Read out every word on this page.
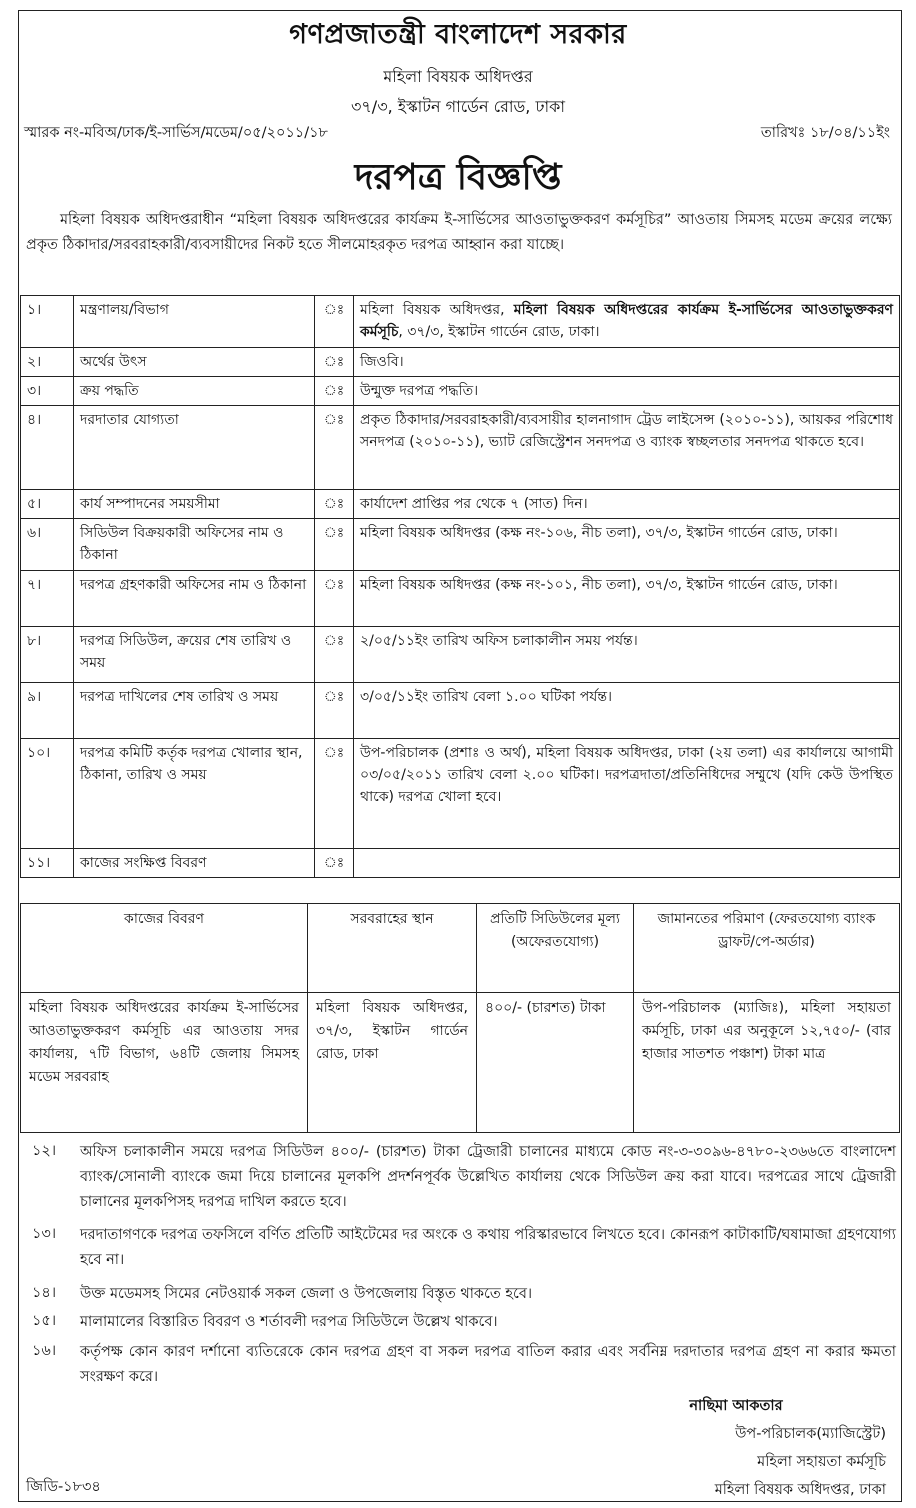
গণপ্রজাতন্ত্রী বাংলাদেশ সরকার
মহিলা বিষয়ক অধিদপ্তর
৩৭/৩, ইস্কাটন গার্ডেন রোড, ঢাকা
স্মারক নং-মবিঅ/ঢাক/ই-সার্ভিস/মডেম/০৫/২০১১/১৮	তারিখঃ ১৮/০৪/১১ইং
দরপত্র বিজ্ঞপ্তি
মহিলা বিষয়ক অধিদপ্তরাধীন “মহিলা বিষয়ক অধিদপ্তরের কার্যক্রম ই-সার্ভিসের আওতাভুক্তকরণ কর্মসূচির” আওতায় সিমসহ মডেম ক্রয়ের লক্ষ্যে প্রকৃত ঠিকাদার/সরবরাহকারী/ব্যবসায়ীদের নিকট হতে সীলমোহরকৃত দরপত্র আহ্বান করা যাচ্ছে।
১।	মন্ত্রণালয়/বিভাগ	ঃ	মহিলা বিষয়ক অধিদপ্তর, মহিলা বিষয়ক অধিদপ্তরের কার্যক্রম ই-সার্ভিসের আওতাভুক্তকরণ কর্মসূচি, ৩৭/৩, ইস্কাটন গার্ডেন রোড, ঢাকা।
২।	অর্থের উৎস	ঃ	জিওবি।
৩।	ক্রয় পদ্ধতি	ঃ	উন্মুক্ত দরপত্র পদ্ধতি।
৪।	দরদাতার যোগ্যতা	ঃ	প্রকৃত ঠিকাদার/সরবরাহকারী/ব্যবসায়ীর হালনাগাদ ট্রেড লাইসেন্স (২০১০-১১), আয়কর পরিশোধ সনদপত্র (২০১০-১১), ভ্যাট রেজিস্ট্রেশন সনদপত্র ও ব্যাংক স্বচ্ছলতার সনদপত্র থাকতে হবে।
৫।	কার্য সম্পাদনের সময়সীমা	ঃ	কার্যাদেশ প্রাপ্তির পর থেকে ৭ (সাত) দিন।
৬।	সিডিউল বিক্রয়কারী অফিসের নাম ও ঠিকানা	ঃ	মহিলা বিষয়ক অধিদপ্তর (কক্ষ নং-১০৬, নীচ তলা), ৩৭/৩, ইস্কাটন গার্ডেন রোড, ঢাকা।
৭।	দরপত্র গ্রহণকারী অফিসের নাম ও ঠিকানা	ঃ	মহিলা বিষয়ক অধিদপ্তর (কক্ষ নং-১০১, নীচ তলা), ৩৭/৩, ইস্কাটন গার্ডেন রোড, ঢাকা।
৮।	দরপত্র সিডিউল, ক্রয়ের শেষ তারিখ ও সময়	ঃ	২/০৫/১১ইং তারিখ অফিস চলাকালীন সময় পর্যন্ত।
৯।	দরপত্র দাখিলের শেষ তারিখ ও সময়	ঃ	৩/০৫/১১ইং তারিখ বেলা ১.০০ ঘটিকা পর্যন্ত।
১০।	দরপত্র কমিটি কর্তৃক দরপত্র খোলার স্থান, ঠিকানা, তারিখ ও সময়	ঃ	উপ-পরিচালক (প্রশাঃ ও অর্থ), মহিলা বিষয়ক অধিদপ্তর, ঢাকা (২য় তলা) এর কার্যালয়ে আগামী ০৩/০৫/২০১১ তারিখ বেলা ২.০০ ঘটিকা। দরপত্রদাতা/প্রতিনিধিদের সম্মুখে (যদি কেউ উপস্থিত থাকে) দরপত্র খোলা হবে।
১১।	কাজের সংক্ষিপ্ত বিবরণ	ঃ	
কাজের বিবরণ	সরবরাহের স্থান	প্রতিটি সিডিউলের মূল্য (অফেরতযোগ্য)	জামানতের পরিমাণ (ফেরতযোগ্য ব্যাংক ড্রাফট/পে-অর্ডার)
মহিলা বিষয়ক অধিদপ্তরের কার্যক্রম ই-সার্ভিসের আওতাভুক্তকরণ কর্মসূচি এর আওতায় সদর কার্যালয়, ৭টি বিভাগ, ৬৪টি জেলায় সিমসহ মডেম সরবরাহ	মহিলা বিষয়ক অধিদপ্তর, ৩৭/৩, ইস্কাটন গার্ডেন রোড, ঢাকা	৪০০/- (চারশত) টাকা	উপ-পরিচালক (ম্যাজিঃ), মহিলা সহায়তা কর্মসূচি, ঢাকা এর অনুকূলে ১২,৭৫০/- (বার হাজার সাতশত পঞ্চাশ) টাকা মাত্র
১২। অফিস চলাকালীন সময়ে দরপত্র সিডিউল ৪০০/- (চারশত) টাকা ট্রেজারী চালানের মাধ্যমে কোড নং-৩-৩০৯৬-৪৭৮০-২৩৬৬তে বাংলাদেশ ব্যাংক/সোনালী ব্যাংকে জমা দিয়ে চালানের মূলকপি প্রদর্শনপূর্বক উল্লেখিত কার্যালয় থেকে সিডিউল ক্রয় করা যাবে। দরপত্রের সাথে ট্রেজারী চালানের মূলকপিসহ দরপত্র দাখিল করতে হবে।
১৩। দরদাতাগণকে দরপত্র তফসিলে বর্ণিত প্রতিটি আইটেমের দর অংকে ও কথায় পরিস্কারভাবে লিখতে হবে। কোনরূপ কাটাকাটি/ঘষামাজা গ্রহণযোগ্য হবে না।
১৪। উক্ত মডেমসহ সিমের নেটওয়ার্ক সকল জেলা ও উপজেলায় বিস্তৃত থাকতে হবে।
১৫। মালামালের বিস্তারিত বিবরণ ও শর্তাবলী দরপত্র সিডিউলে উল্লেখ থাকবে।
১৬। কর্তৃপক্ষ কোন কারণ দর্শানো ব্যতিরেকে কোন দরপত্র গ্রহণ বা সকল দরপত্র বাতিল করার এবং সর্বনিম্ন দরদাতার দরপত্র গ্রহণ না করার ক্ষমতা সংরক্ষণ করে।
নাছিমা আকতার
উপ-পরিচালক(ম্যাজিস্ট্রেট)
মহিলা সহায়তা কর্মসূচি
মহিলা বিষয়ক অধিদপ্তর, ঢাকা
জিডি-১৮৩৪
